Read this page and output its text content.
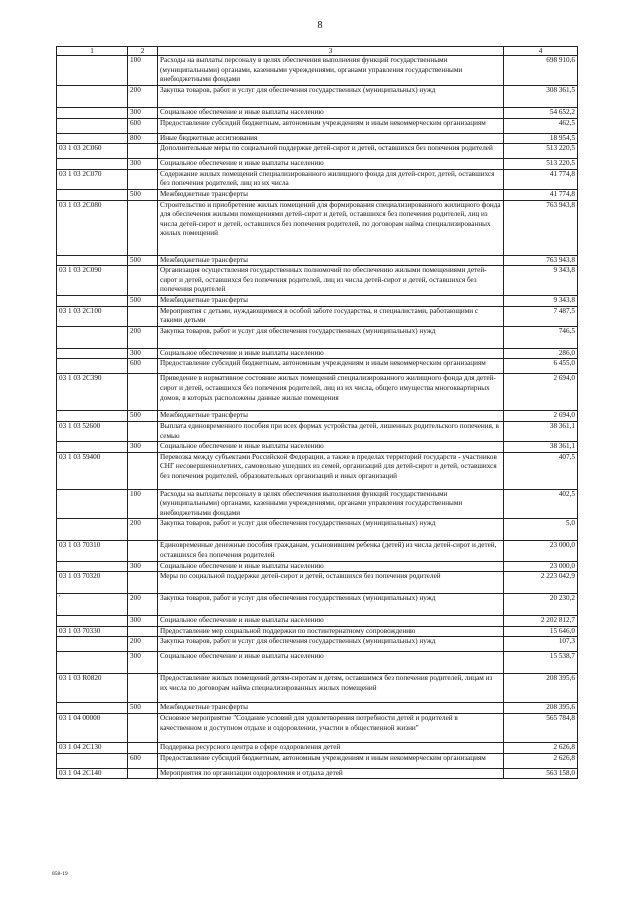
8
1	2	3	4
	100	Расходы на выплаты персоналу в целях обеспечения выполнения функций государственными (муниципальными) органами, казенными учреждениями, органами управления государственными внебюджетными фондами	698 910,6
	200	Закупка товаров, работ и услуг для обеспечения государственных (муниципальных) нужд	308 361,5
	300	Социальное обеспечение и иные выплаты населению	54 652,2
	600	Предоставление субсидий бюджетным, автономным учреждениям и иным некоммерческим организациям	462,5
	800	Иные бюджетные ассигнования	18 954,5
03 1 03 2С060		Дополнительные меры по социальной поддержке детей-сирот и детей, оставшихся без попечения родителей	513 220,5
	300	Социальное обеспечение и иные выплаты населению	513 220,5
03 1 03 2С070		Содержание жилых помещений специализированного жилищного фонда для детей-сирот, детей, оставшихся без попечения родителей, лиц из их числа	41 774,8
	500	Межбюджетные трансферты	41 774,8
03 1 03 2С080		Строительство и приобретение жилых помещений для формирования специализированного жилищного фонда для обеспечения жилыми помещениями детей-сирот и детей, оставшихся без попечения родителей, лиц из числа детей-сирот и детей, оставшихся без попечения родителей, по договорам найма специализированных жилых помещений	763 943,8
	500	Межбюджетные трансферты	763 943,8
03 1 03 2С090		Организация осуществления государственных полномочий по обеспечению жилыми помещениями детей-сирот и детей, оставшихся без попечения родителей, лиц из числа детей-сирот и детей, оставшихся без попечения родителей	9 343,8
	500	Межбюджетные трансферты	9 343,8
03 1 03 2С100		Мероприятия с детьми, нуждающимися в особой заботе государства, и специалистами, работающими с такими детьми	7 487,5
	200	Закупка товаров, работ и услуг для обеспечения государственных (муниципальных) нужд	746,5
	300	Социальное обеспечение и иные выплаты населению	286,0
	600	Предоставление субсидий бюджетным, автономным учреждениям и иным некоммерческим организациям	6 455,0
03 1 03 2С390		Приведение в нормативное состояние жилых помещений специализированного жилищного фонда для детей-сирот и детей, оставшихся без попечения родителей, лиц из их числа, общего имущества многоквартирных домов, в которых расположены данные жилые помещения	2 694,0
	500	Межбюджетные трансферты	2 694,0
03 1 03 52600		Выплата единовременного пособия при всех формах устройства детей, лишенных родительского попечения, в семью	38 361,1
	300	Социальное обеспечение и иные выплаты населению	38 361,1
03 1 03 59400		Перевозка между субъектами Российской Федерации, а также в пределах территорий государств - участников СНГ несовершеннолетних, самовольно ушедших из семей, организаций для детей-сирот и детей, оставшихся без попечения родителей, образовательных организаций и иных организаций	407,5
	100	Расходы на выплаты персоналу в целях обеспечения выполнения функций государственными (муниципальными) органами, казенными учреждениями, органами управления государственными внебюджетными фондами	402,5
	200	Закупка товаров, работ и услуг для обеспечения государственных (муниципальных) нужд	5,0
03 1 03 70310		Единовременные денежные пособия гражданам, усыновившим ребенка (детей) из числа детей-сирот и детей, оставшихся без попечения родителей	23 000,0
	300	Социальное обеспечение и иные выплаты населению	23 000,0
03 1 03 70320		Меры по социальной поддержке детей-сирот и детей, оставшихся без попечения родителей	2 223 042,9
'	200	Закупка товаров, работ и услуг для обеспечения государственных (муниципальных) нужд	20 230,2
	300	Социальное обеспечение и иные выплаты населению	2 202 812,7
03 1 03 70330		Предоставление мер социальной поддержки по постинтернатному сопровождению	15 646,0
	200	Закупка товаров, работ и услуг для обеспечения государственных (муниципальных) нужд	107,3
	300	Социальное обеспечение и иные выплаты населению	15 538,7
03 1 03 R0820		Предоставление жилых помещений детям-сиротам и детям, оставшимся без попечения родителей, лицам из их числа по договорам найма специализированных жилых помещений	208 395,6
	500	Межбюджетные трансферты	208 395,6
03 1 04 00000		Основное мероприятие "Создание условий для удовлетворения потребности детей и родителей в качественном и доступном отдыхе и оздоровлении, участии в общественной жизни"	565 784,8
03 1 04 2С130		Поддержка ресурсного центра в сфере оздоровления детей	2 626,8
	600	Предоставление субсидий бюджетным, автономным учреждениям и иным некоммерческим организациям	2 626,8
03 1 04 2С140		Мероприятия по организации оздоровления и отдыха детей	563 158,0
858-19
